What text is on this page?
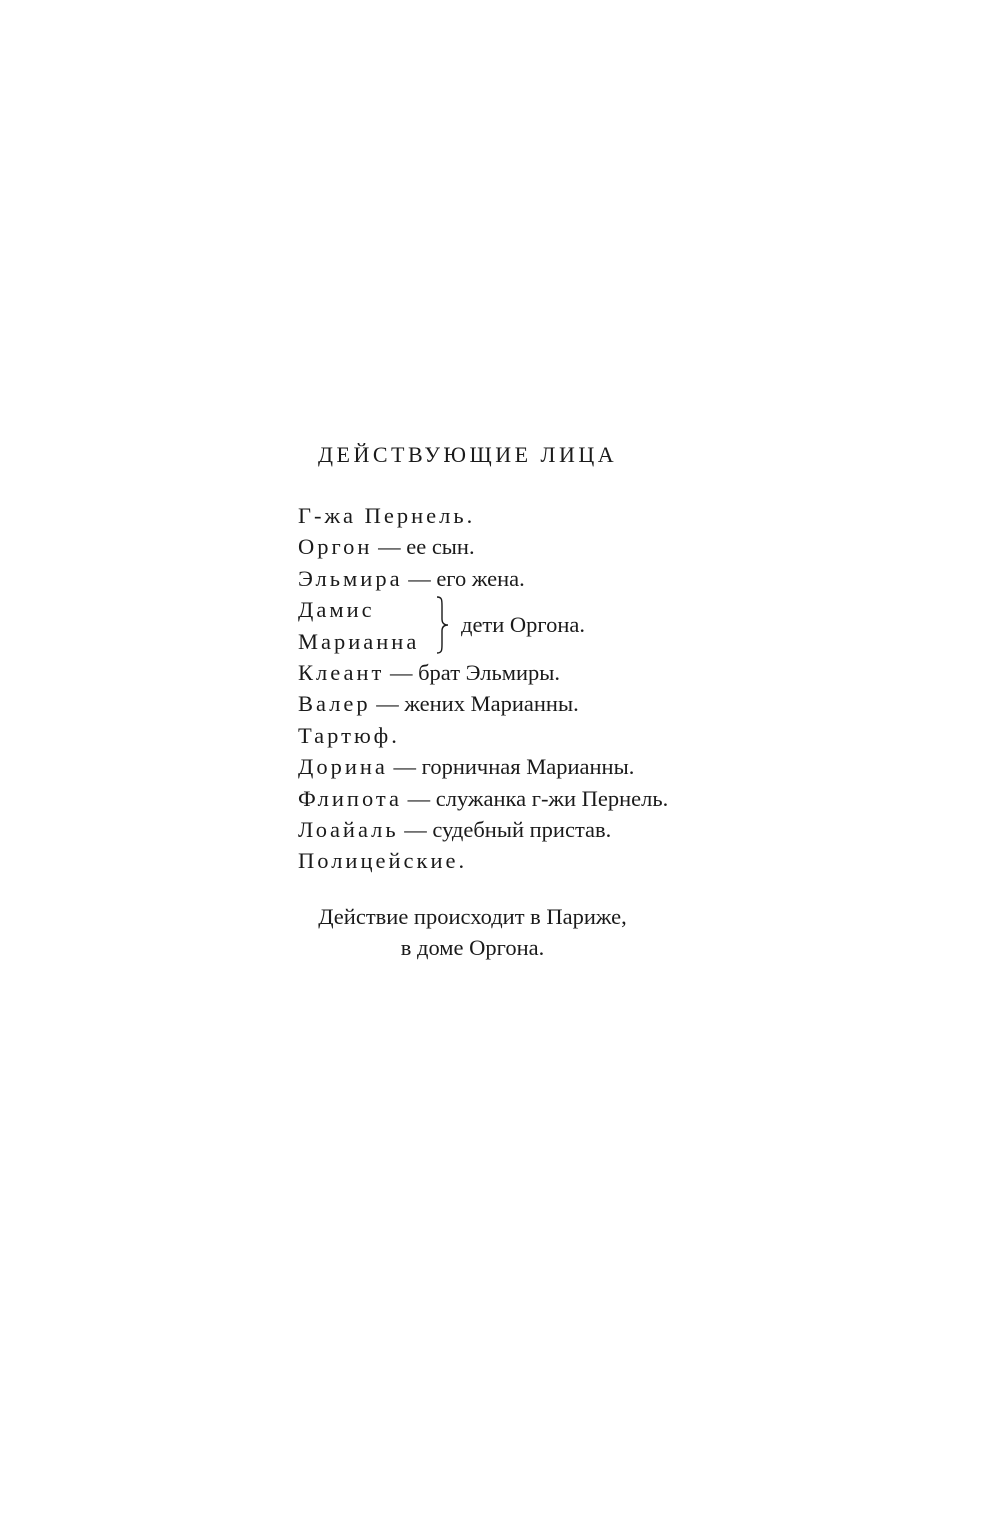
ДЕЙСТВУЮЩИЕ ЛИЦА
Г-жа Пернель.
Оргон — ее сын.
Эльмира — его жена.
Дамис
Марианна
дети Оргона.
Клеант — брат Эльмиры.
Валер — жених Марианны.
Тартюф.
Дорина — горничная Марианны.
Флипота — служанка г-жи Пернель.
Лоайаль — судебный пристав.
Полицейские.
Действие происходит в Париже,
в доме Оргона.
